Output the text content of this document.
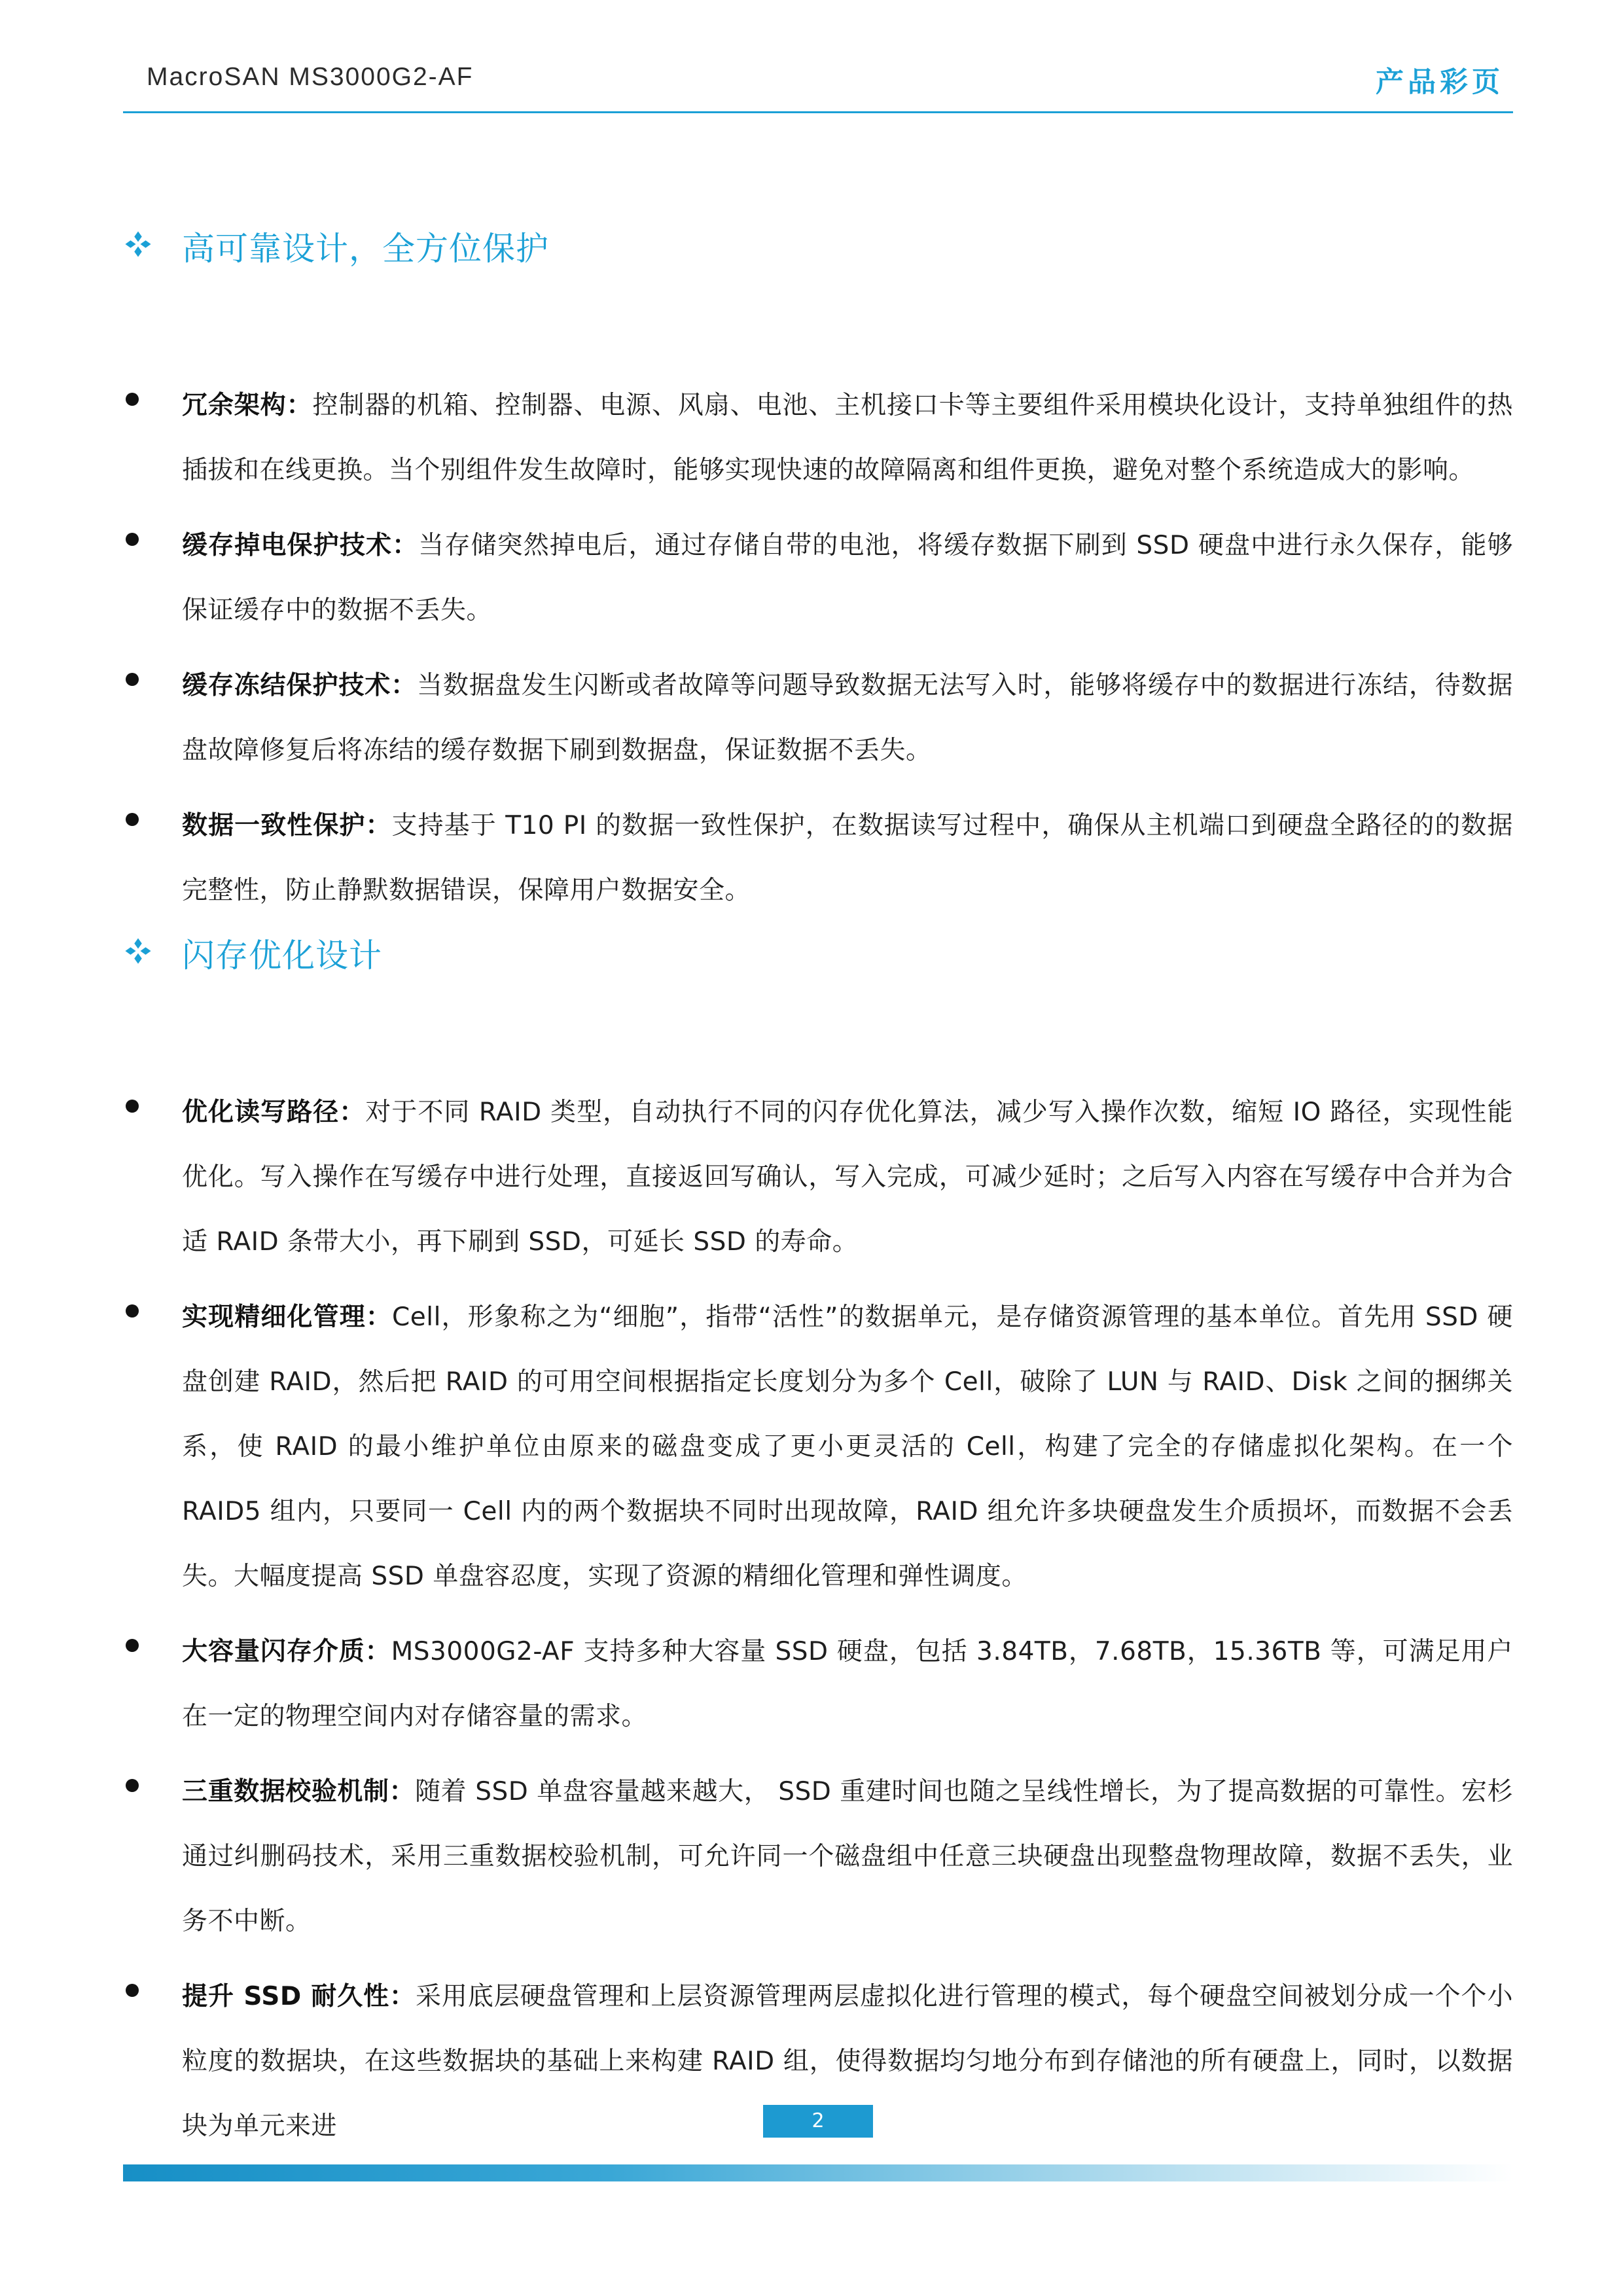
MacroSAN MS3000G2-AF	产品彩页
高可靠设计，全方位保护

冗余架构：控制器的机箱、控制器、电源、风扇、电池、主机接口卡等主要组件采用模块化设计，支持单独组件的热插拔和在线更换。当个别组件发生故障时，能够实现快速的故障隔离和组件更换，避免对整个系统造成大的影响。

缓存掉电保护技术：当存储突然掉电后，通过存储自带的电池，将缓存数据下刷到 SSD 硬盘中进行永久保存，能够保证缓存中的数据不丢失。

缓存冻结保护技术：当数据盘发生闪断或者故障等问题导致数据无法写入时，能够将缓存中的数据进行冻结，待数据盘故障修复后将冻结的缓存数据下刷到数据盘，保证数据不丢失。

数据一致性保护：支持基于 T10 PI 的数据一致性保护，在数据读写过程中，确保从主机端口到硬盘全路径的的数据完整性，防止静默数据错误，保障用户数据安全。

闪存优化设计

优化读写路径：对于不同 RAID 类型，自动执行不同的闪存优化算法，减少写入操作次数，缩短 IO 路径，实现性能优化。写入操作在写缓存中进行处理，直接返回写确认，写入完成，可减少延时；之后写入内容在写缓存中合并为合适 RAID 条带大小，再下刷到 SSD，可延长 SSD 的寿命。

实现精细化管理：Cell，形象称之为“细胞”，指带“活性”的数据单元，是存储资源管理的基本单位。首先用 SSD 硬盘创建 RAID，然后把 RAID 的可用空间根据指定长度划分为多个 Cell，破除了 LUN 与 RAID、Disk 之间的捆绑关系，使 RAID 的最小维护单位由原来的磁盘变成了更小更灵活的 Cell，构建了完全的存储虚拟化架构。在一个 RAID5 组内，只要同一 Cell 内的两个数据块不同时出现故障，RAID 组允许多块硬盘发生介质损坏，而数据不会丢失。大幅度提高 SSD 单盘容忍度，实现了资源的精细化管理和弹性调度。

大容量闪存介质：MS3000G2-AF 支持多种大容量 SSD 硬盘，包括 3.84TB，7.68TB，15.36TB 等，可满足用户在一定的物理空间内对存储容量的需求。

三重数据校验机制：随着 SSD 单盘容量越来越大， SSD 重建时间也随之呈线性增长，为了提高数据的可靠性。宏杉通过纠删码技术，采用三重数据校验机制，可允许同一个磁盘组中任意三块硬盘出现整盘物理故障，数据不丢失，业务不中断。

提升 SSD 耐久性：采用底层硬盘管理和上层资源管理两层虚拟化进行管理的模式，每个硬盘空间被划分成一个个小粒度的数据块，在这些数据块的基础上来构建 RAID 组，使得数据均匀地分布到存储池的所有硬盘上，同时，以数据块为单元来进	2
